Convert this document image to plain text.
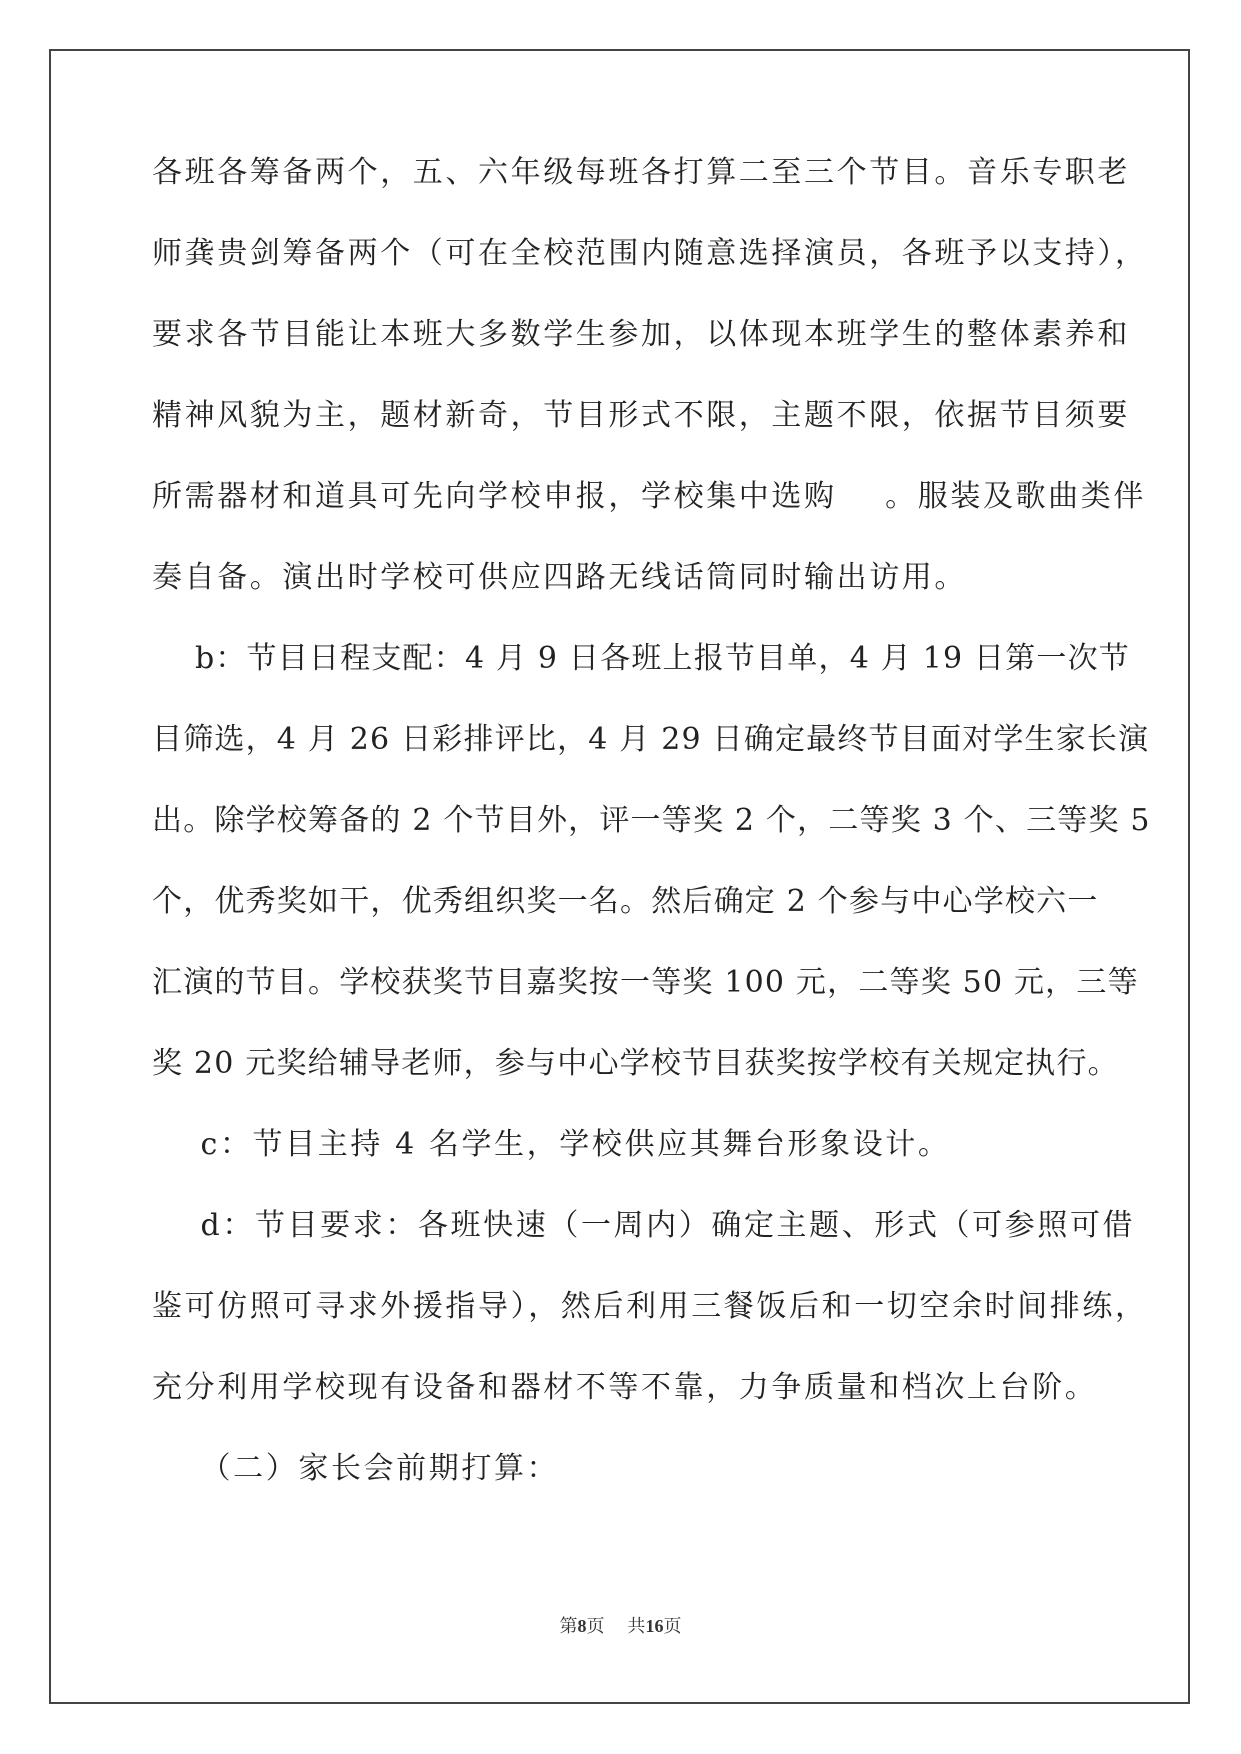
各班各筹备两个，五、六年级每班各打算二至三个节目。音乐专职老
师龚贵剑筹备两个（可在全校范围内随意选择演员，各班予以支持），
要求各节目能让本班大多数学生参加，以体现本班学生的整体素养和
精神风貌为主，题材新奇，节目形式不限，主题不限，依据节目须要
所需器材和道具可先向学校申报，学校集中选购    。服装及歌曲类伴
奏自备。演出时学校可供应四路无线话筒同时输出访用。
b：节目日程支配：4 月 9 日各班上报节目单，4 月 19 日第一次节
目筛选，4 月 26 日彩排评比，4 月 29 日确定最终节目面对学生家长演
出。除学校筹备的 2 个节目外，评一等奖 2 个，二等奖 3 个、三等奖 5
个，优秀奖如干，优秀组织奖一名。然后确定 2 个参与中心学校六一
汇演的节目。学校获奖节目嘉奖按一等奖 100 元，二等奖 50 元，三等
奖 20 元奖给辅导老师，参与中心学校节目获奖按学校有关规定执行。
c：节目主持 4 名学生，学校供应其舞台形象设计。
d：节目要求：各班快速（一周内）确定主题、形式（可参照可借
鉴可仿照可寻求外援指导），然后利用三餐饭后和一切空余时间排练，
充分利用学校现有设备和器材不等不靠，力争质量和档次上台阶。
（二）家长会前期打算：
第8页    共16页
